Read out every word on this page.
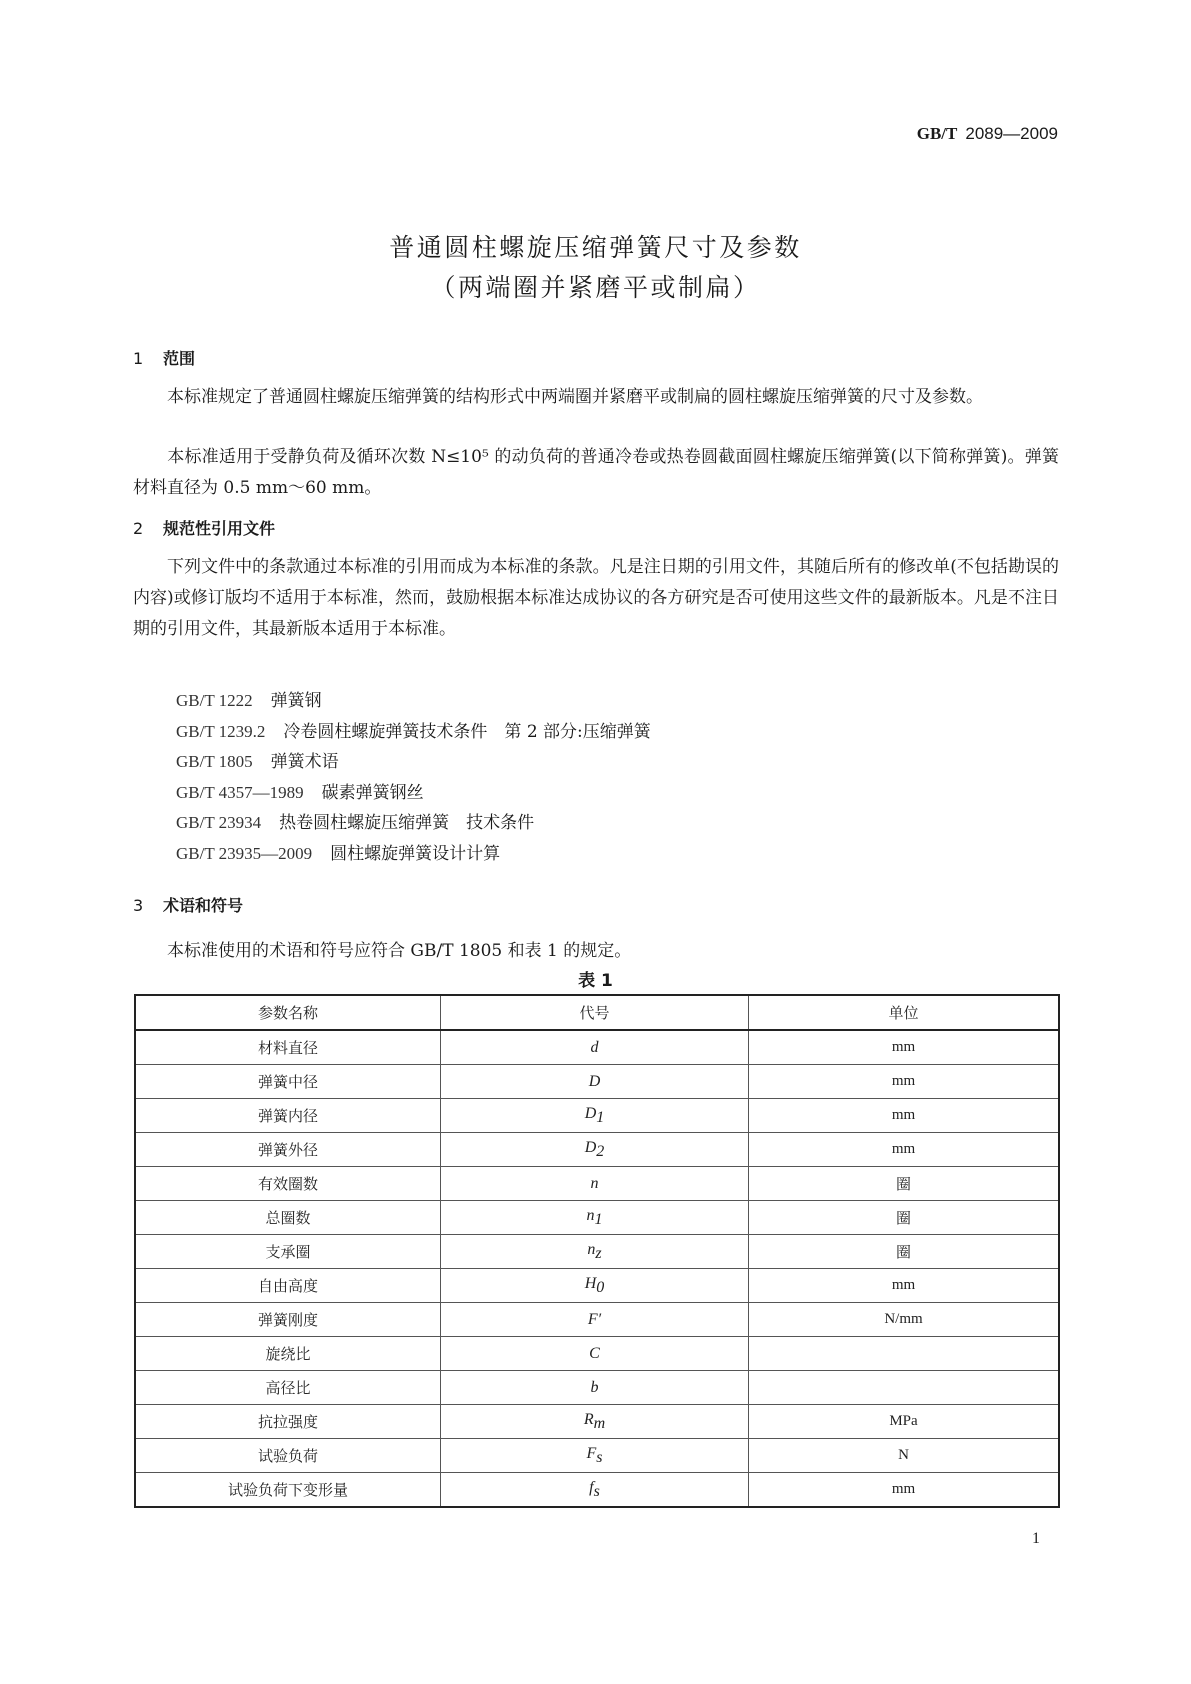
GB/T 2089—2009
普通圆柱螺旋压缩弹簧尺寸及参数
（两端圈并紧磨平或制扁）
1 范围
本标准规定了普通圆柱螺旋压缩弹簧的结构形式中两端圈并紧磨平或制扁的圆柱螺旋压缩弹簧的尺寸及参数。
本标准适用于受静负荷及循环次数 N≤10⁵ 的动负荷的普通冷卷或热卷圆截面圆柱螺旋压缩弹簧(以下简称弹簧)。弹簧材料直径为 0.5 mm～60 mm。
2 规范性引用文件
下列文件中的条款通过本标准的引用而成为本标准的条款。凡是注日期的引用文件，其随后所有的修改单(不包括勘误的内容)或修订版均不适用于本标准，然而，鼓励根据本标准达成协议的各方研究是否可使用这些文件的最新版本。凡是不注日期的引用文件，其最新版本适用于本标准。
GB/T 1222 弹簧钢
GB/T 1239.2 冷卷圆柱螺旋弹簧技术条件　第 2 部分:压缩弹簧
GB/T 1805 弹簧术语
GB/T 4357—1989 碳素弹簧钢丝
GB/T 23934 热卷圆柱螺旋压缩弹簧　技术条件
GB/T 23935—2009 圆柱螺旋弹簧设计计算
3 术语和符号
本标准使用的术语和符号应符合 GB/T 1805 和表 1 的规定。
表 1
参数名称	代号	单位
材料直径	d	mm
弹簧中径	D	mm
弹簧内径	$D_1$	mm
弹簧外径	$D_2$	mm
有效圈数	n	圈
总圈数	$n_1$	圈
支承圈	$n_z$	圈
自由高度	$H_0$	mm
弹簧刚度	F′	N/mm
旋绕比	C	
高径比	b	
抗拉强度	$R_m$	MPa
试验负荷	$F_s$	N
试验负荷下变形量	$f_s$	mm
1
